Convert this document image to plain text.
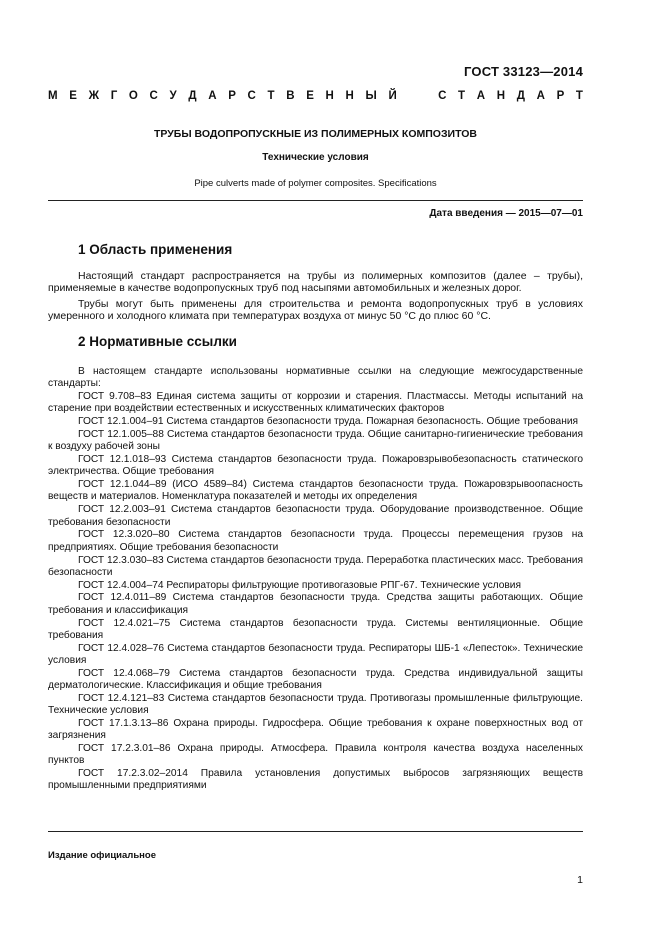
ГОСТ 33123—2014
М Е Ж Г О С У Д А Р С Т В Е Н Н Ы Й	С Т А Н Д А Р Т
ТРУБЫ ВОДОПРОПУСКНЫЕ ИЗ ПОЛИМЕРНЫХ КОМПОЗИТОВ
Технические условия
Pipe culverts made of polymer composites. Specifications
Дата введения — 2015—07—01
1 Область применения
Настоящий стандарт распространяется на трубы из полимерных композитов (далее – трубы), применяемые в качестве водопропускных труб под насыпями автомобильных и железных дорог.
Трубы могут быть применены для строительства и ремонта водопропускных труб в условиях умеренного и холодного климата при температурах воздуха от минус 50 °С до плюс 60 °С.
2 Нормативные ссылки
В настоящем стандарте использованы нормативные ссылки на следующие межгосударственные стандарты:
ГОСТ 9.708–83 Единая система защиты от коррозии и старения. Пластмассы. Методы испытаний на старение при воздействии естественных и искусственных климатических факторов
ГОСТ 12.1.004–91 Система стандартов безопасности труда. Пожарная безопасность. Общие требования
ГОСТ 12.1.005–88 Система стандартов безопасности труда. Общие санитарно-гигиенические требования к воздуху рабочей зоны
ГОСТ 12.1.018–93 Система стандартов безопасности труда. Пожаровзрывобезопасность статического электричества. Общие требования
ГОСТ 12.1.044–89 (ИСО 4589–84) Система стандартов безопасности труда. Пожаровзрывоопасность веществ и материалов. Номенклатура показателей и методы их определения
ГОСТ 12.2.003–91 Система стандартов безопасности труда. Оборудование производственное. Общие требования безопасности
ГОСТ 12.3.020–80 Система стандартов безопасности труда. Процессы перемещения грузов на предприятиях. Общие требования безопасности
ГОСТ 12.3.030–83 Система стандартов безопасности труда. Переработка пластических масс. Требования безопасности
ГОСТ 12.4.004–74 Респираторы фильтрующие противогазовые РПГ-67. Технические условия
ГОСТ 12.4.011–89 Система стандартов безопасности труда. Средства защиты работающих. Общие требования и классификация
ГОСТ 12.4.021–75 Система стандартов безопасности труда. Системы вентиляционные. Общие требования
ГОСТ 12.4.028–76 Система стандартов безопасности труда. Респираторы ШБ-1 «Лепесток». Технические условия
ГОСТ 12.4.068–79 Система стандартов безопасности труда. Средства индивидуальной защиты дерматологические. Классификация и общие требования
ГОСТ 12.4.121–83 Система стандартов безопасности труда. Противогазы промышленные фильтрующие. Технические условия
ГОСТ 17.1.3.13–86 Охрана природы. Гидросфера. Общие требования к охране поверхностных вод от загрязнения
ГОСТ 17.2.3.01–86 Охрана природы. Атмосфера. Правила контроля качества воздуха населенных пунктов
ГОСТ 17.2.3.02–2014 Правила установления допустимых выбросов загрязняющих веществ промышленными предприятиями
Издание официальное
1
